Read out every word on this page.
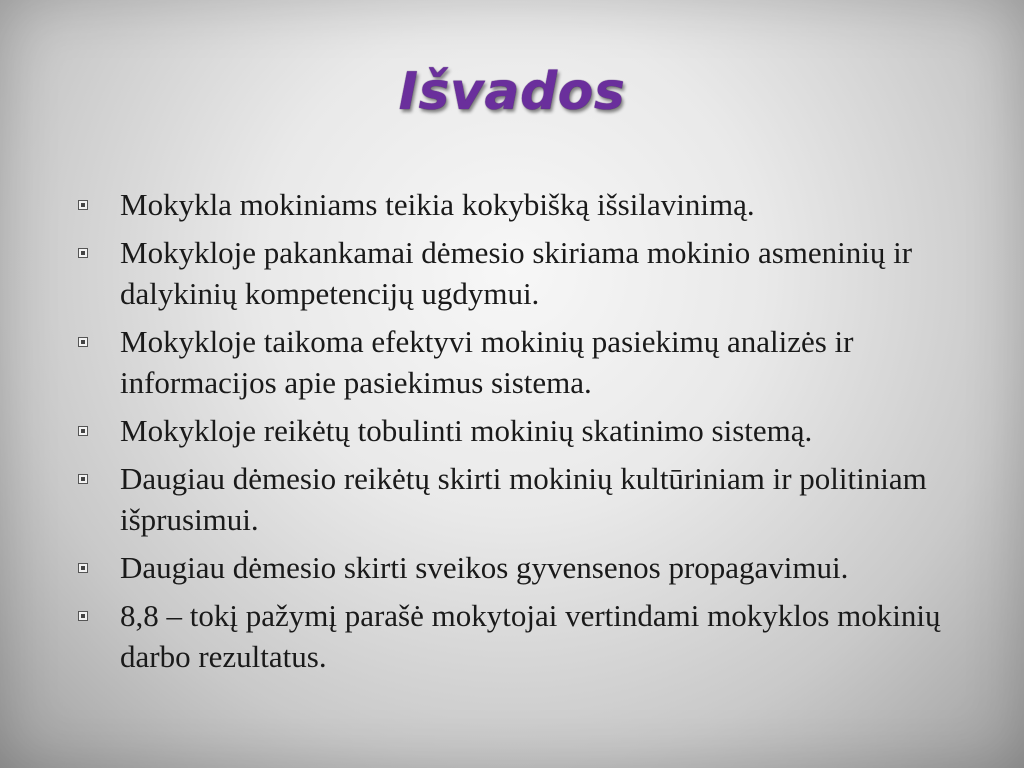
Išvados
Mokykla mokiniams teikia kokybišką išsilavinimą.
Mokykloje pakankamai dėmesio skiriama mokinio asmeninių ir dalykinių kompetencijų ugdymui.
Mokykloje taikoma efektyvi mokinių pasiekimų analizės ir informacijos apie pasiekimus sistema.
Mokykloje reikėtų tobulinti mokinių skatinimo sistemą.
Daugiau dėmesio reikėtų skirti mokinių kultūriniam ir politiniam išprusimui.
Daugiau dėmesio skirti sveikos gyvensenos propagavimui.
8,8 – tokį pažymį parašė mokytojai vertindami mokyklos mokinių darbo rezultatus.
